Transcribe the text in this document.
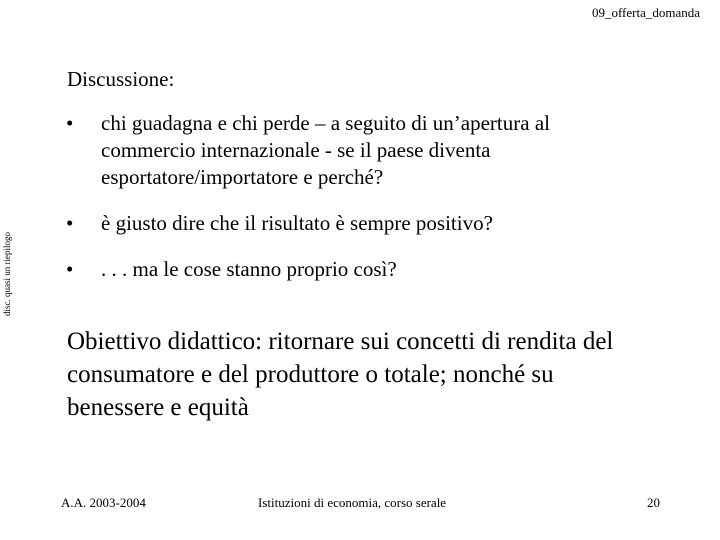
09_offerta_domanda
disc. quasi un riepilogo
Discussione:
• chi guadagna e chi perde – a seguito di un’apertura al commercio internazionale - se il paese diventa esportatore/importatore e perché?
• è giusto dire che il risultato è sempre positivo?
• . . . ma le cose stanno proprio così?
Obiettivo didattico: ritornare sui concetti di rendita del consumatore e del produttore o totale; nonché su benessere e equità
A.A. 2003-2004	Istituzioni di economia, corso serale	20
